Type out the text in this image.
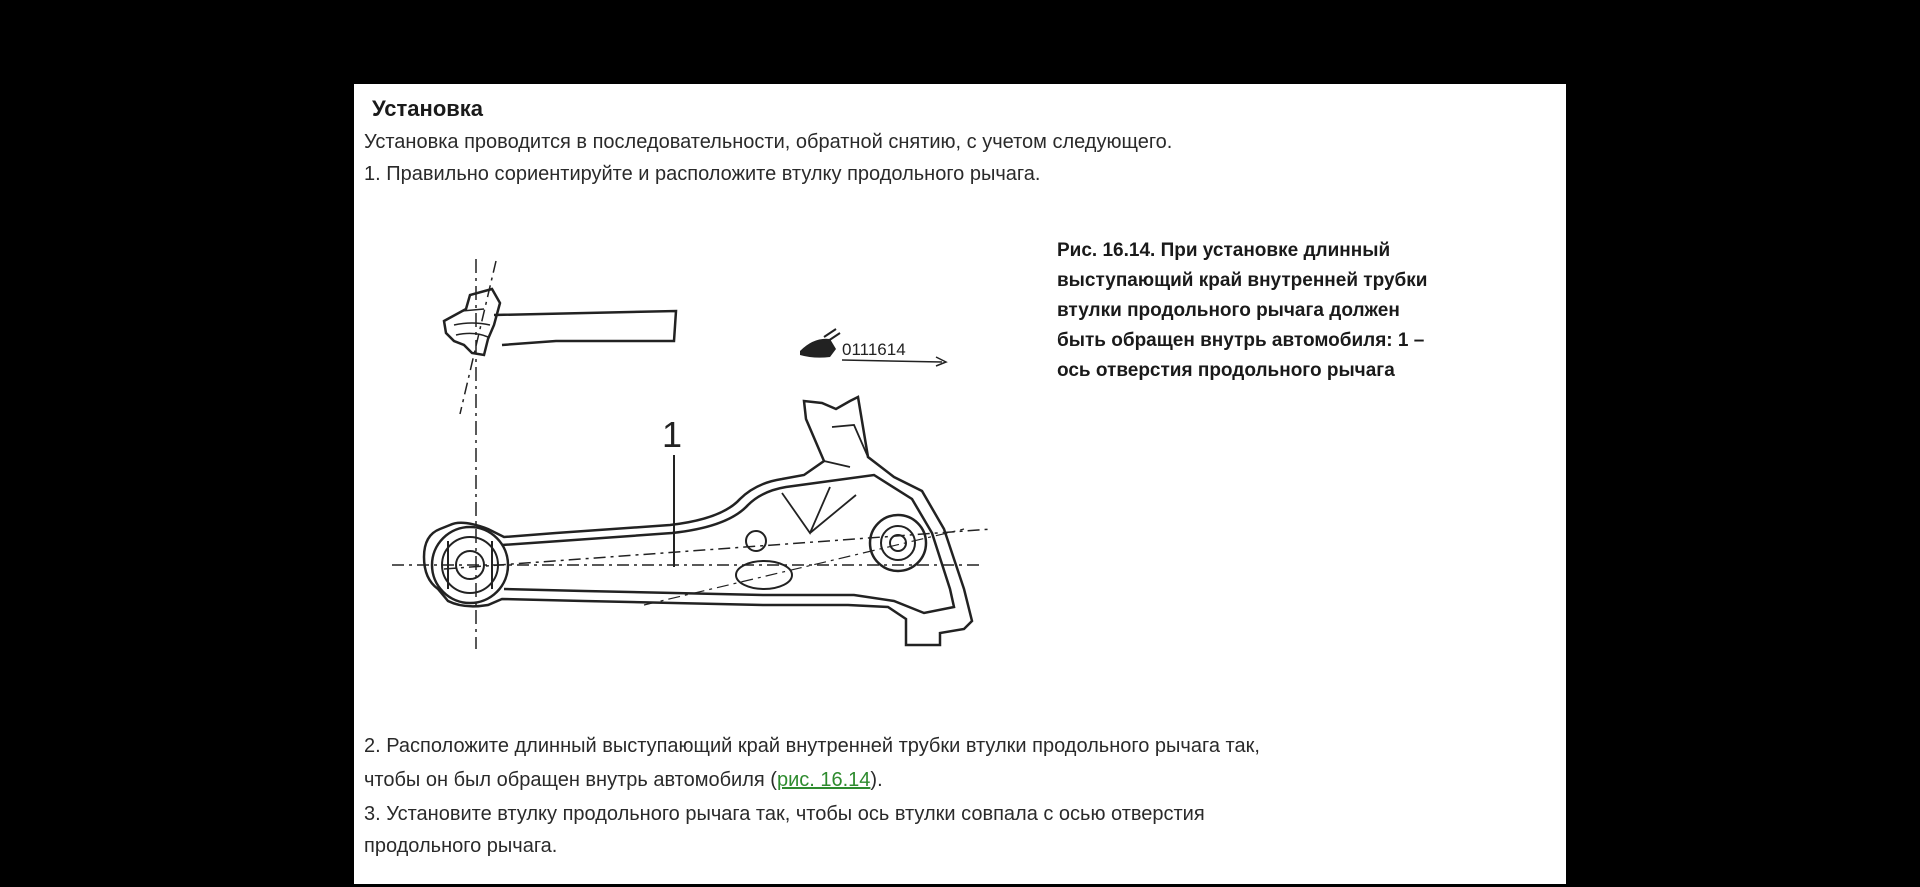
Установка
Установка проводится в последовательности, обратной снятию, с учетом следующего.
1. Правильно сориентируйте и расположите втулку продольного рычага.
0111614
1
Рис. 16.14. При установке длинный
выступающий край внутренней трубки
втулки продольного рычага должен
быть обращен внутрь автомобиля: 1 –
ось отверстия продольного рычага
2. Расположите длинный выступающий край внутренней трубки втулки продольного рычага так,
чтобы он был обращен внутрь автомобиля (рис. 16.14).
3. Установите втулку продольного рычага так, чтобы ось втулки совпала с осью отверстия
продольного рычага.
